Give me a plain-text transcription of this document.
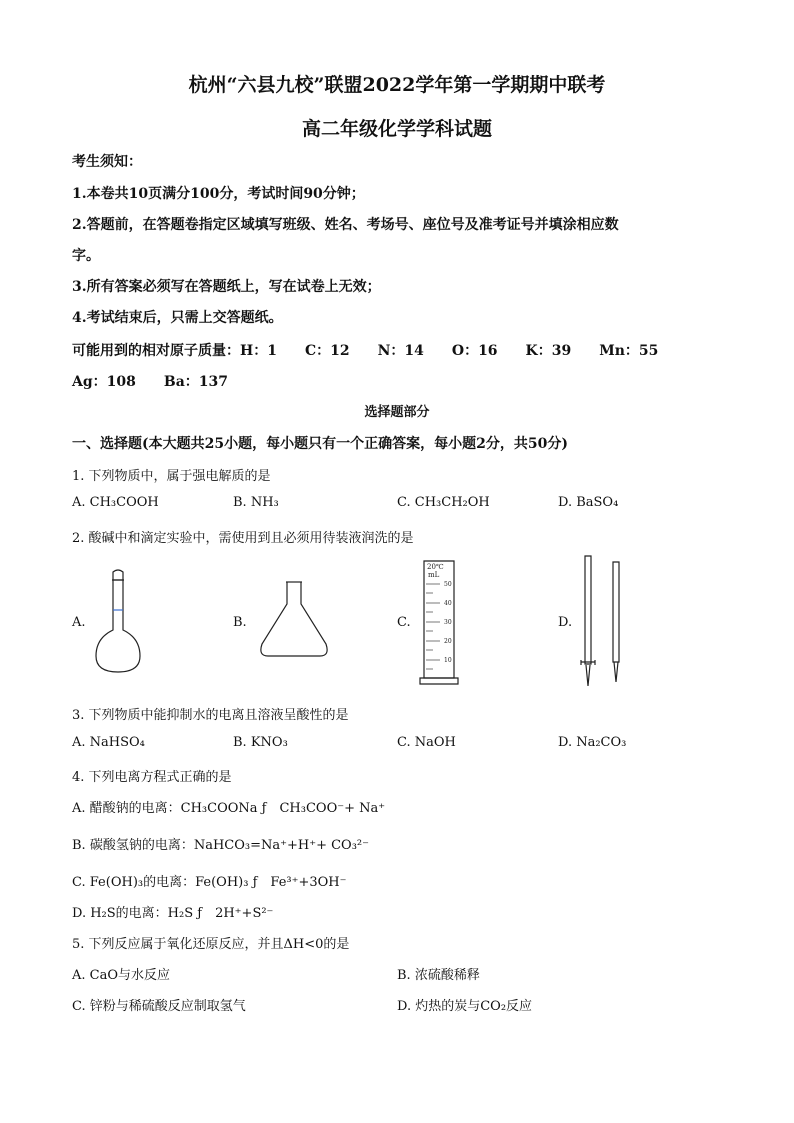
杭州“六县九校”联盟2022学年第一学期期中联考
高二年级化学学科试题
考生须知：
1.本卷共10页满分100分，考试时间90分钟；
2.答题前，在答题卷指定区域填写班级、姓名、考场号、座位号及准考证号并填涂相应数
字。
3.所有答案必须写在答题纸上，写在试卷上无效；
4.考试结束后，只需上交答题纸。
可能用到的相对原子质量：H：1　　C：12　　N：14　　O：16　　K：39　　Mn：55
Ag：108　　Ba：137
选择题部分
一、选择题(本大题共25小题，每小题只有一个正确答案，每小题2分，共50分)
1. 下列物质中，属于强电解质的是
A. CH₃COOH	B. NH₃	C. CH₃CH₂OH	D. BaSO₄
2. 酸碱中和滴定实验中，需使用到且必须用待装液润洗的是
A.	B.	C.	D.
20℃
mL
50
40
30
20
10
3. 下列物质中能抑制水的电离且溶液呈酸性的是
A. NaHSO₄	B. KNO₃	C. NaOH	D. Na₂CO₃
4. 下列电离方程式正确的是
A. 醋酸钠的电离：CH₃COONa ƒ　CH₃COO⁻+ Na⁺
B. 碳酸氢钠的电离：NaHCO₃=Na⁺+H⁺+ CO₃²⁻
C. Fe(OH)₃的电离：Fe(OH)₃ ƒ　Fe³⁺+3OH⁻
D. H₂S的电离：H₂S ƒ　2H⁺+S²⁻
5. 下列反应属于氧化还原反应，并且ΔH<0的是
A. CaO与水反应	B. 浓硫酸稀释
C. 锌粉与稀硫酸反应制取氢气	D. 灼热的炭与CO₂反应
